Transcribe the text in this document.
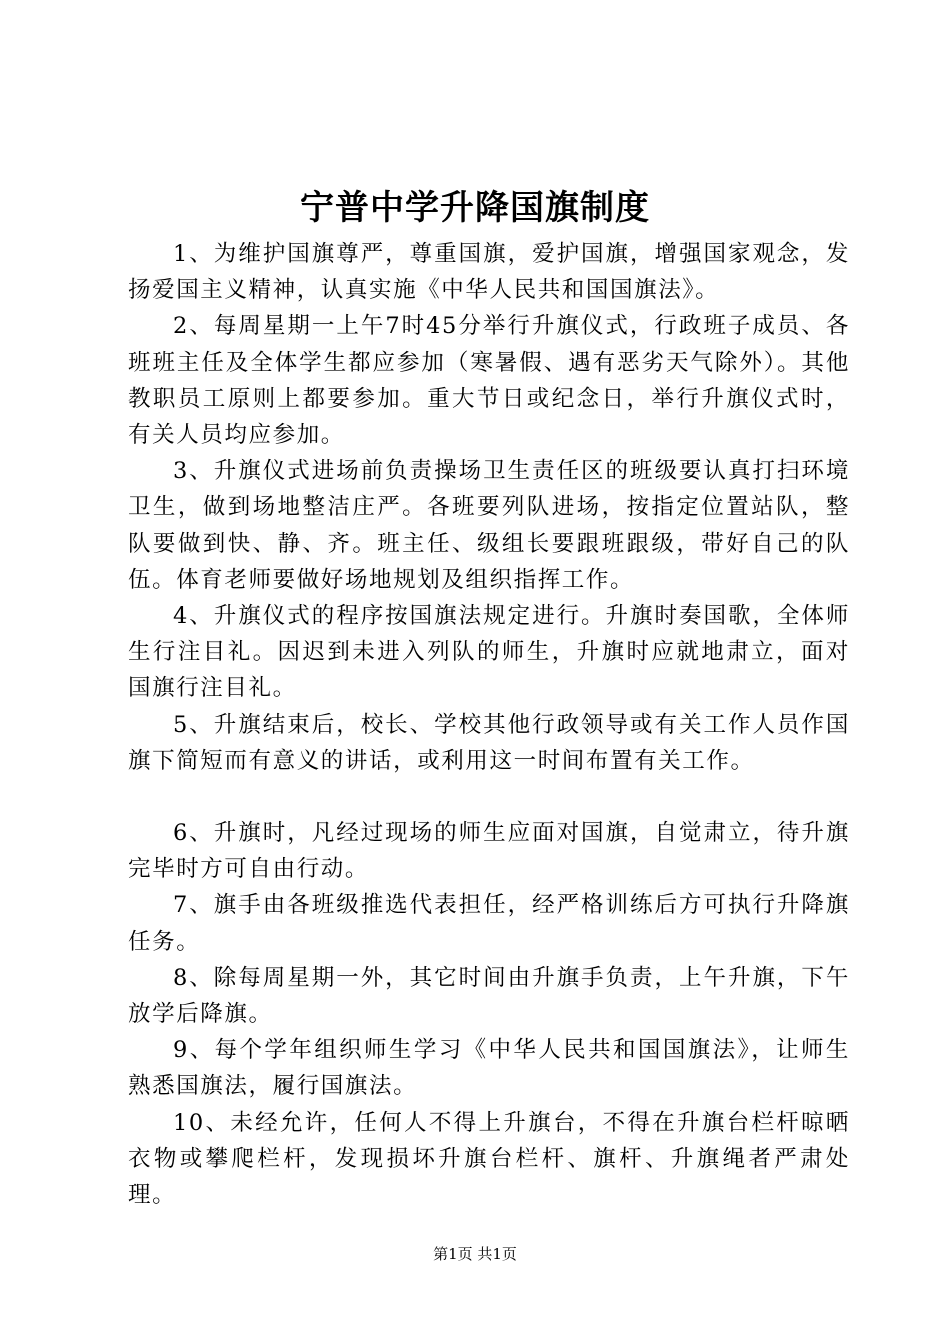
宁普中学升降国旗制度

1、为维护国旗尊严，尊重国旗，爱护国旗，增强国家观念，发扬爱国主义精神，认真实施《中华人民共和国国旗法》。

2、每周星期一上午7时45分举行升旗仪式，行政班子成员、各班班主任及全体学生都应参加（寒暑假、遇有恶劣天气除外）。其他教职员工原则上都要参加。重大节日或纪念日，举行升旗仪式时，有关人员均应参加。

3、升旗仪式进场前负责操场卫生责任区的班级要认真打扫环境卫生，做到场地整洁庄严。各班要列队进场，按指定位置站队，整队要做到快、静、齐。班主任、级组长要跟班跟级，带好自己的队伍。体育老师要做好场地规划及组织指挥工作。

4、升旗仪式的程序按国旗法规定进行。升旗时奏国歌，全体师生行注目礼。因迟到未进入列队的师生，升旗时应就地肃立，面对国旗行注目礼。

5、升旗结束后，校长、学校其他行政领导或有关工作人员作国旗下简短而有意义的讲话，或利用这一时间布置有关工作。

6、升旗时，凡经过现场的师生应面对国旗，自觉肃立，待升旗完毕时方可自由行动。

7、旗手由各班级推选代表担任，经严格训练后方可执行升降旗任务。

8、除每周星期一外，其它时间由升旗手负责，上午升旗，下午放学后降旗。

9、每个学年组织师生学习《中华人民共和国国旗法》，让师生熟悉国旗法，履行国旗法。

10、未经允许，任何人不得上升旗台，不得在升旗台栏杆晾晒衣物或攀爬栏杆，发现损坏升旗台栏杆、旗杆、升旗绳者严肃处理。

第1页 共1页
